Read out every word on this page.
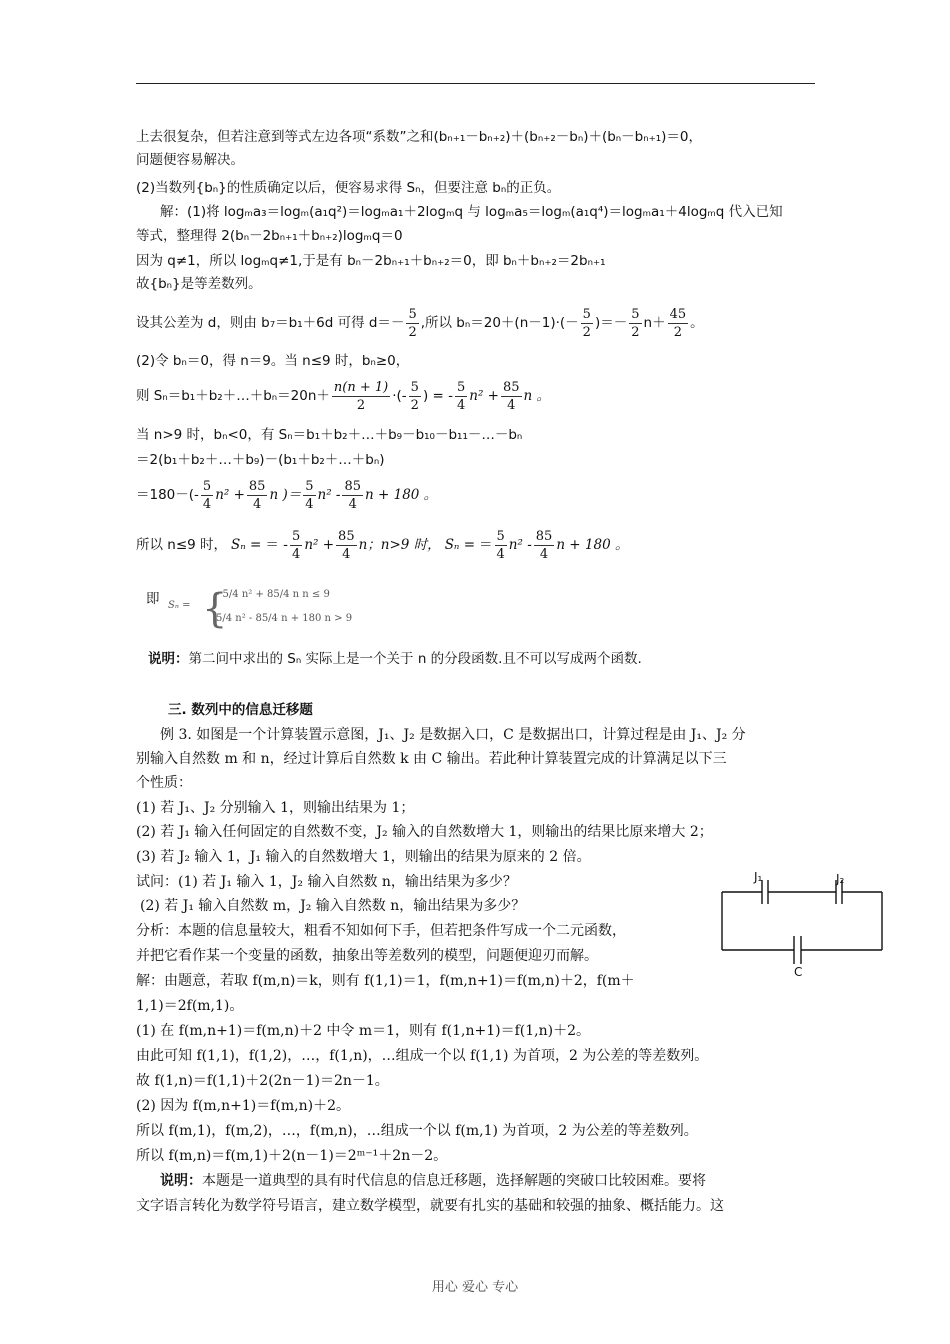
上去很复杂，但若注意到等式左边各项“系数”之和(bₙ₊₁－bₙ₊₂)＋(bₙ₊₂－bₙ)＋(bₙ－bₙ₊₁)＝0，
问题便容易解决。
(2)当数列{bₙ}的性质确定以后，便容易求得 Sₙ，但要注意 bₙ的正负。
解：(1)将 logₘa₃＝logₘ(a₁q²)＝logₘa₁＋2logₘq 与 logₘa₅＝logₘ(a₁q⁴)＝logₘa₁＋4logₘq 代入已知
等式，整理得 2(bₙ－2bₙ₊₁＋bₙ₊₂)logₘq＝0
因为 q≠1，所以 logₘq≠1,于是有 bₙ－2bₙ₊₁＋bₙ₊₂＝0，即 bₙ＋bₙ₊₂＝2bₙ₊₁
故{bₙ}是等差数列。
设其公差为 d，则由 b₇＝b₁＋6d 可得 $d=- \frac{5}{2}$ ,所以 $b_n=20+(n-1)\cdot(- \frac{5}{2}$ )＝－ $\frac{5}{2} n+ \frac{45}{2}$ 。
(2)令 bₙ＝0，得 n＝9。当 n≤9 时，bₙ≥0，
则 Sₙ＝b₁＋b₂＋…＋bₙ＝20n＋ $\frac{n(n + 1)}{2}$ ·(- $\frac{5}{2}$ ) = - $\frac{5}{4} n^2 + \frac{85}{4}$ n 。
当 n>9 时，bₙ<0，有 Sₙ＝b₁＋b₂＋…＋b₉－b₁₀－b₁₁－…－bₙ
＝2(b₁＋b₂＋…＋b₉)－(b₁＋b₂＋…＋bₙ)
$=180-(- \frac{5}{4} n^2 + \frac{85}{4}$ n )＝ $\frac{5}{4} n^2 - \frac{85}{4}$ n + 180 。
所以 n≤9 时， Sₙ = ＝ - $\frac{5}{4} n^2 + \frac{85}{4}$ n；n>9 时， Sₙ = ＝ $\frac{5}{4} n^2 - \frac{85}{4}$ n + 180 。
即 Sₙ = {
- 5/4 n² + 85/4 n n ≤ 9
5/4 n² - 85/4 n + 180 n > 9
说明：第二问中求出的 Sₙ 实际上是一个关于 n 的分段函数.且不可以写成两个函数.
三. 数列中的信息迁移题
例 3. 如图是一个计算装置示意图，J₁、J₂ 是数据入口，C 是数据出口，计算过程是由 J₁、J₂ 分
别输入自然数 m 和 n，经过计算后自然数 k 由 C 输出。若此种计算装置完成的计算满足以下三
个性质：
(1) 若 J₁、J₂ 分别输入 1，则输出结果为 1；
(2) 若 J₁ 输入任何固定的自然数不变，J₂ 输入的自然数增大 1，则输出的结果比原来增大 2；
(3) 若 J₂ 输入 1，J₁ 输入的自然数增大 1，则输出的结果为原来的 2 倍。
试问：(1) 若 J₁ 输入 1，J₂ 输入自然数 n，输出结果为多少？
(2) 若 J₁ 输入自然数 m，J₂ 输入自然数 n，输出结果为多少？
分析：本题的信息量较大，粗看不知如何下手，但若把条件写成一个二元函数，
并把它看作某一个变量的函数，抽象出等差数列的模型，问题便迎刃而解。
解：由题意，若取 f(m,n)＝k，则有 f(1,1)＝1，f(m,n+1)＝f(m,n)＋2，f(m＋
1,1)＝2f(m,1)。
(1) 在 f(m,n+1)＝f(m,n)＋2 中令 m＝1，则有 f(1,n+1)＝f(1,n)＋2。
由此可知 f(1,1)，f(1,2)，…，f(1,n)，…组成一个以 f(1,1) 为首项，2 为公差的等差数列。
故 f(1,n)＝f(1,1)＋2(2n－1)＝2n－1。
(2) 因为 f(m,n+1)＝f(m,n)＋2。
所以 f(m,1)，f(m,2)，…，f(m,n)，…组成一个以 f(m,1) 为首项，2 为公差的等差数列。
所以 f(m,n)＝f(m,1)＋2(n－1)＝2ᵐ⁻¹＋2n－2。
说明：本题是一道典型的具有时代信息的信息迁移题，选择解题的突破口比较困难。要将
文字语言转化为数学符号语言，建立数学模型，就要有扎实的基础和较强的抽象、概括能力。这
J₁	J₂
C
用心 爱心 专心
